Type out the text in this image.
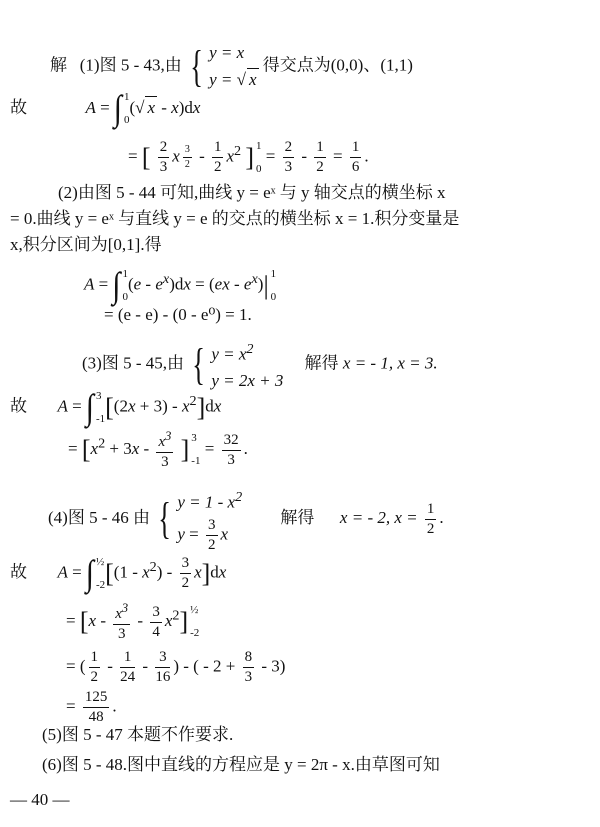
解 (1)图 5 - 43,由 { y = x
y = √ x
得交点为(0,0)、(1,1)
故	A = ∫ 1
0
(√ x - x)dx
= [ $\frac{2}{3}$ x $\frac{3}{2} - \frac{1}{2} x^2$ ] 1
0
= $\frac{2}{3} - \frac{1}{2} = \frac{1}{6}$ .
(2)由图 5 - 44 可知,曲线 y = eˣ 与 y 轴交点的横坐标 x
= 0.曲线 y = eˣ 与直线 y = e 的交点的横坐标 x = 1.积分变量是
x,积分区间为[0,1].得
A = ∫ 1
0
$(e - e^x)dx = (ex - e^x)|$ 1
0
= (e - e) - (0 - e⁰) = 1.
(3)图 5 - 45,由 { $y = x^2$
y = 2x + 3
解得 x = - 1, x = 3.
故 A = ∫ 3
-1 $[(2x + 3) - x^2]dx$
= [$x^2 + 3x - \frac{x^3}{3}$ ] 3
-1
= $\frac{32}{3}$ .
(4)图 5 - 46 由 { $y = 1 - x^2$
$y = \frac{3}{2}$ x
解得 x = - 2, $x = \frac{1}{2}$ .
故 A = ∫ ½
-2 $[(1 - x^2) - \frac{3}{2} x]dx$
= $[x - \frac{x^3}{3} - \frac{3}{4} x^2]$ ½
-2
= ( $\frac{1}{2} - \frac{1}{24} - \frac{3}{16}$ ) - ( - $2 + \frac{8}{3} - 3$)
= $\frac{125}{48}$ .
(5)图 5 - 47 本题不作要求.
(6)图 5 - 48.图中直线的方程应是 y = 2π - x.由草图可知
— 40 —
